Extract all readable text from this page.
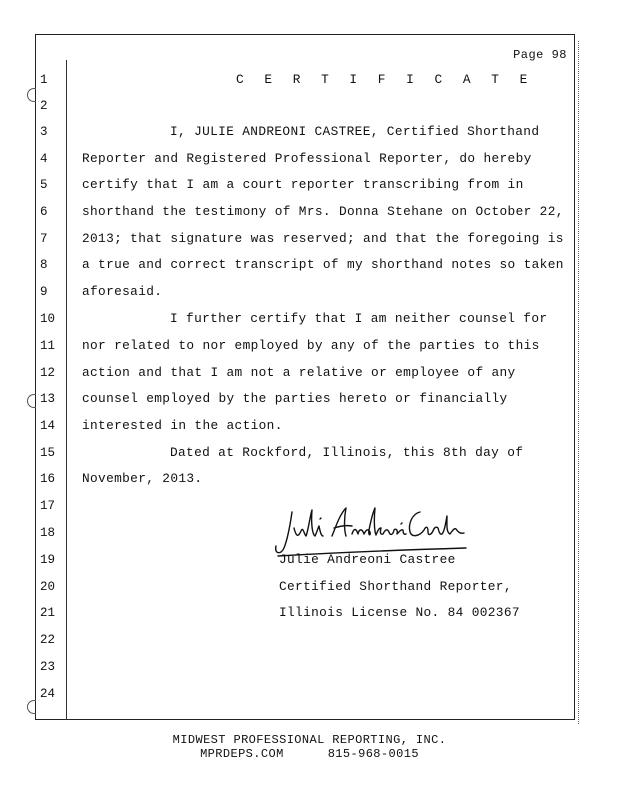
Page 98
1
2
3
4
5
6
7
8
9
10
11
12
13
14
15
16
17
18
19
20
21
22
23
24
C E R T I F I C A T E
I, JULIE ANDREONI CASTREE, Certified Shorthand
Reporter and Registered Professional Reporter, do hereby
certify that I am a court reporter transcribing from in
shorthand the testimony of Mrs. Donna Stehane on October 22,
2013; that signature was reserved; and that the foregoing is
a true and correct transcript of my shorthand notes so taken
aforesaid.
I further certify that I am neither counsel for
nor related to nor employed by any of the parties to this
action and that I am not a relative or employee of any
counsel employed by the parties hereto or financially
interested in the action.
Dated at Rockford, Illinois, this 8th day of
November, 2013.
Julie Andreoni Castree
Certified Shorthand Reporter,
Illinois License No. 84 002367
MIDWEST PROFESSIONAL REPORTING, INC.
MPRDEPS.COM	815-968-0015
